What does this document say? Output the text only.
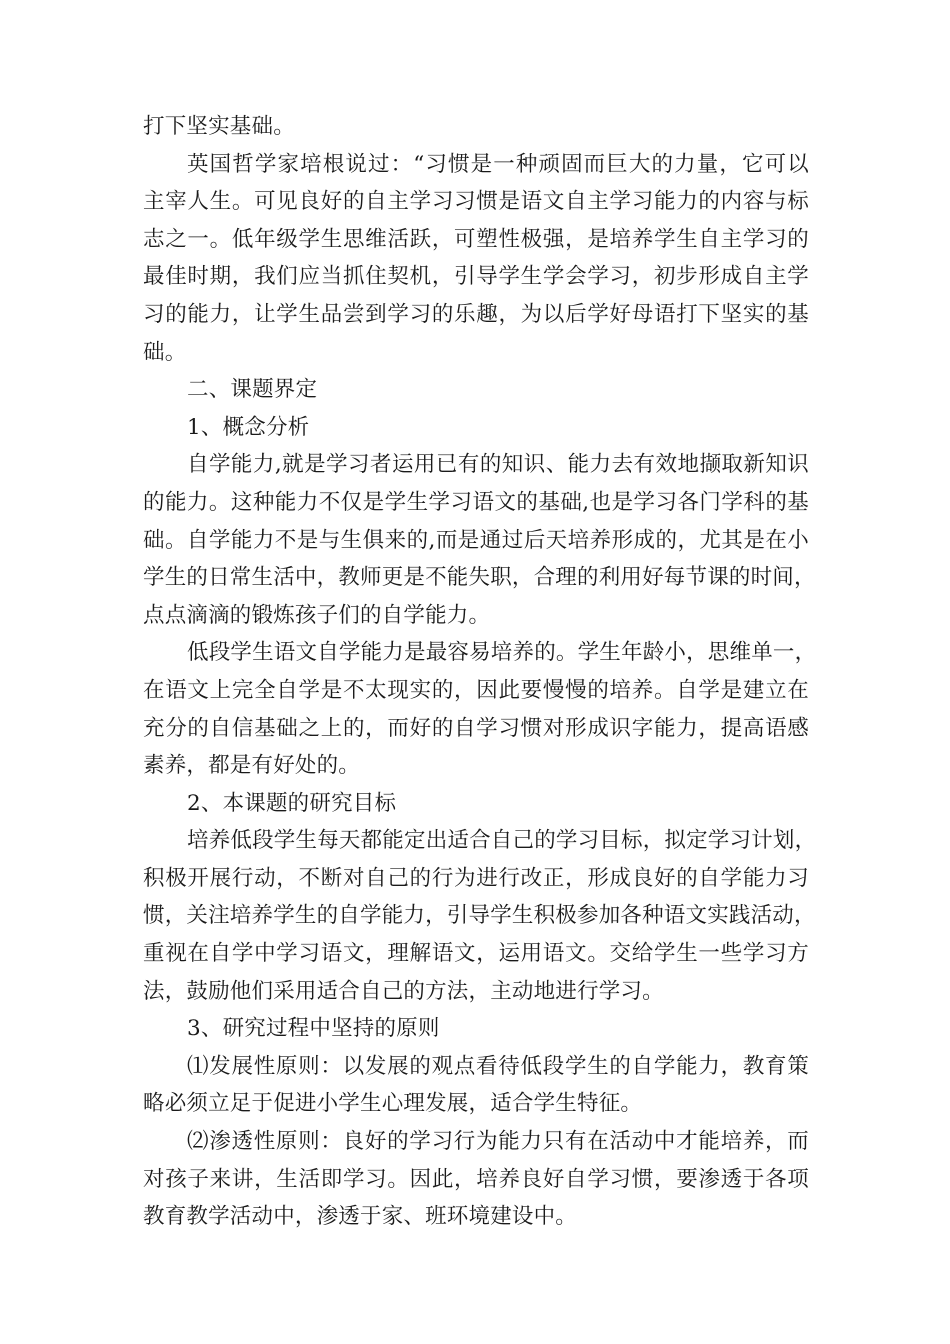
打下坚实基础。
英国哲学家培根说过：“习惯是一种顽固而巨大的力量，它可以
主宰人生。可见良好的自主学习习惯是语文自主学习能力的内容与标
志之一。低年级学生思维活跃，可塑性极强，是培养学生自主学习的
最佳时期，我们应当抓住契机，引导学生学会学习，初步形成自主学
习的能力，让学生品尝到学习的乐趣，为以后学好母语打下坚实的基
础。
二、课题界定
1、概念分析
自学能力,就是学习者运用已有的知识、能力去有效地撷取新知识
的能力。这种能力不仅是学生学习语文的基础,也是学习各门学科的基
础。自学能力不是与生俱来的,而是通过后天培养形成的，尤其是在小
学生的日常生活中，教师更是不能失职，合理的利用好每节课的时间，
点点滴滴的锻炼孩子们的自学能力。
低段学生语文自学能力是最容易培养的。学生年龄小，思维单一，
在语文上完全自学是不太现实的，因此要慢慢的培养。自学是建立在
充分的自信基础之上的，而好的自学习惯对形成识字能力，提高语感
素养，都是有好处的。
2、本课题的研究目标
培养低段学生每天都能定出适合自己的学习目标，拟定学习计划，
积极开展行动，不断对自己的行为进行改正，形成良好的自学能力习
惯，关注培养学生的自学能力，引导学生积极参加各种语文实践活动，
重视在自学中学习语文，理解语文，运用语文。交给学生一些学习方
法，鼓励他们采用适合自己的方法，主动地进行学习。
3、研究过程中坚持的原则
⑴发展性原则：以发展的观点看待低段学生的自学能力，教育策
略必须立足于促进小学生心理发展，适合学生特征。
⑵渗透性原则：良好的学习行为能力只有在活动中才能培养，而
对孩子来讲，生活即学习。因此，培养良好自学习惯，要渗透于各项
教育教学活动中，渗透于家、班环境建设中。
